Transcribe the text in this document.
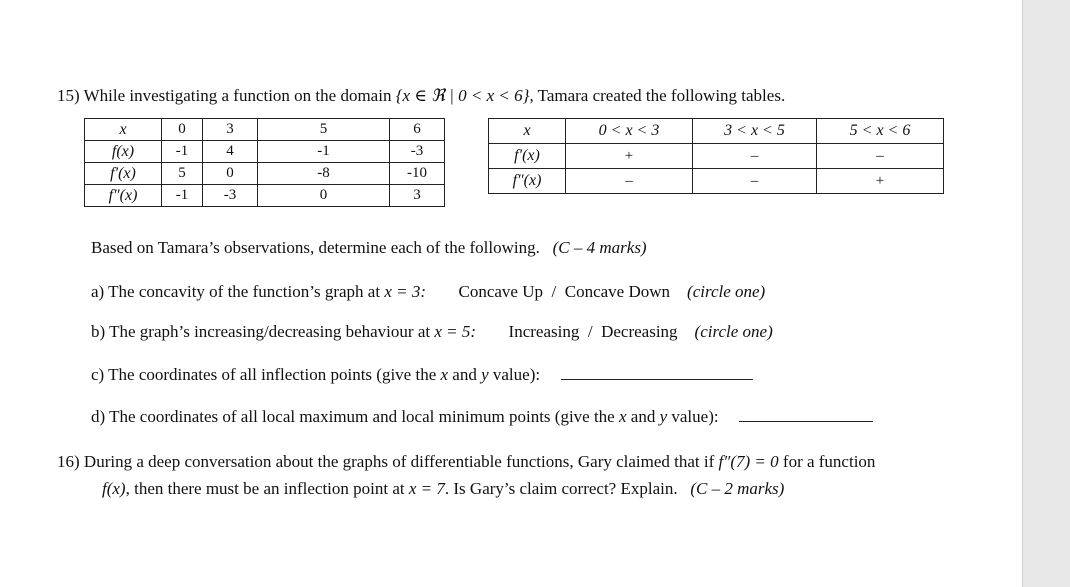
15) While investigating a function on the domain {x ∈ ℜ | 0 < x < 6}, Tamara created the following tables.
x	0	3	5	6
f(x)	-1	4	-1	-3
f′(x)	5	0	-8	-10
f″(x)	-1	-3	0	3
x	0 < x < 3	3 < x < 5	5 < x < 6
f′(x)	+	–	–
f″(x)	–	–	+
Based on Tamara’s observations, determine each of the following. (C – 4 marks)
a) The concavity of the function’s graph at x = 3: Concave Up / Concave Down (circle one)
b) The graph’s increasing/decreasing behaviour at x = 5: Increasing / Decreasing (circle one)
c) The coordinates of all inflection points (give the x and y value):
d) The coordinates of all local maximum and local minimum points (give the x and y value):
16) During a deep conversation about the graphs of differentiable functions, Gary claimed that if f″(7) = 0 for a function
f(x), then there must be an inflection point at x = 7. Is Gary’s claim correct? Explain. (C – 2 marks)
